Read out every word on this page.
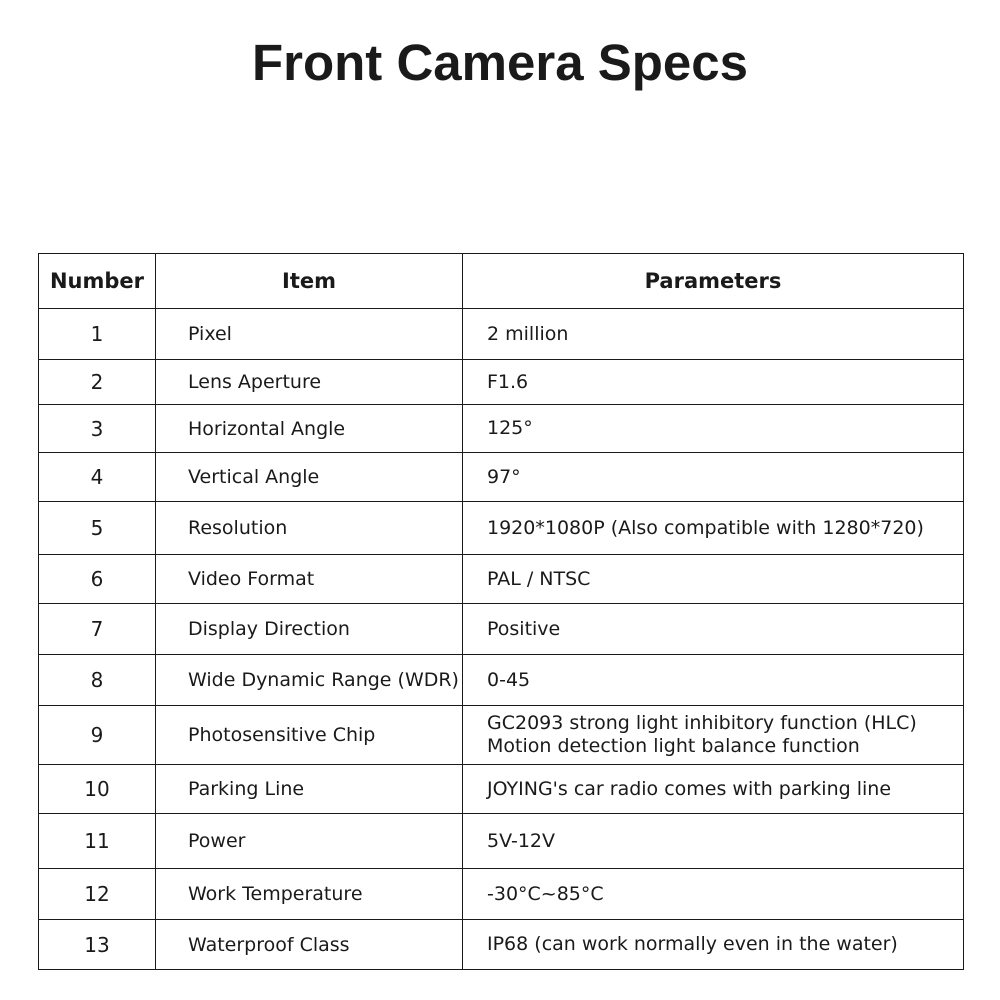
Front Camera Specs
Number	Item	Parameters
1	Pixel	2 million

2	Lens Aperture	F1.6

3	Horizontal Angle	125°

4	Vertical Angle	97°

5	Resolution	1920*1080P (Also compatible with 1280*720)

6	Video Format	PAL / NTSC

7	Display Direction	Positive

8	Wide Dynamic Range (WDR)	0-45

9	Photosensitive Chip	GC2093 strong light inhibitory function (HLC)
Motion detection light balance function

10	Parking Line	JOYING's car radio comes with parking line

11	Power	5V-12V

12	Work Temperature	-30°C~85°C

13	Waterproof Class	IP68 (can work normally even in the water)
